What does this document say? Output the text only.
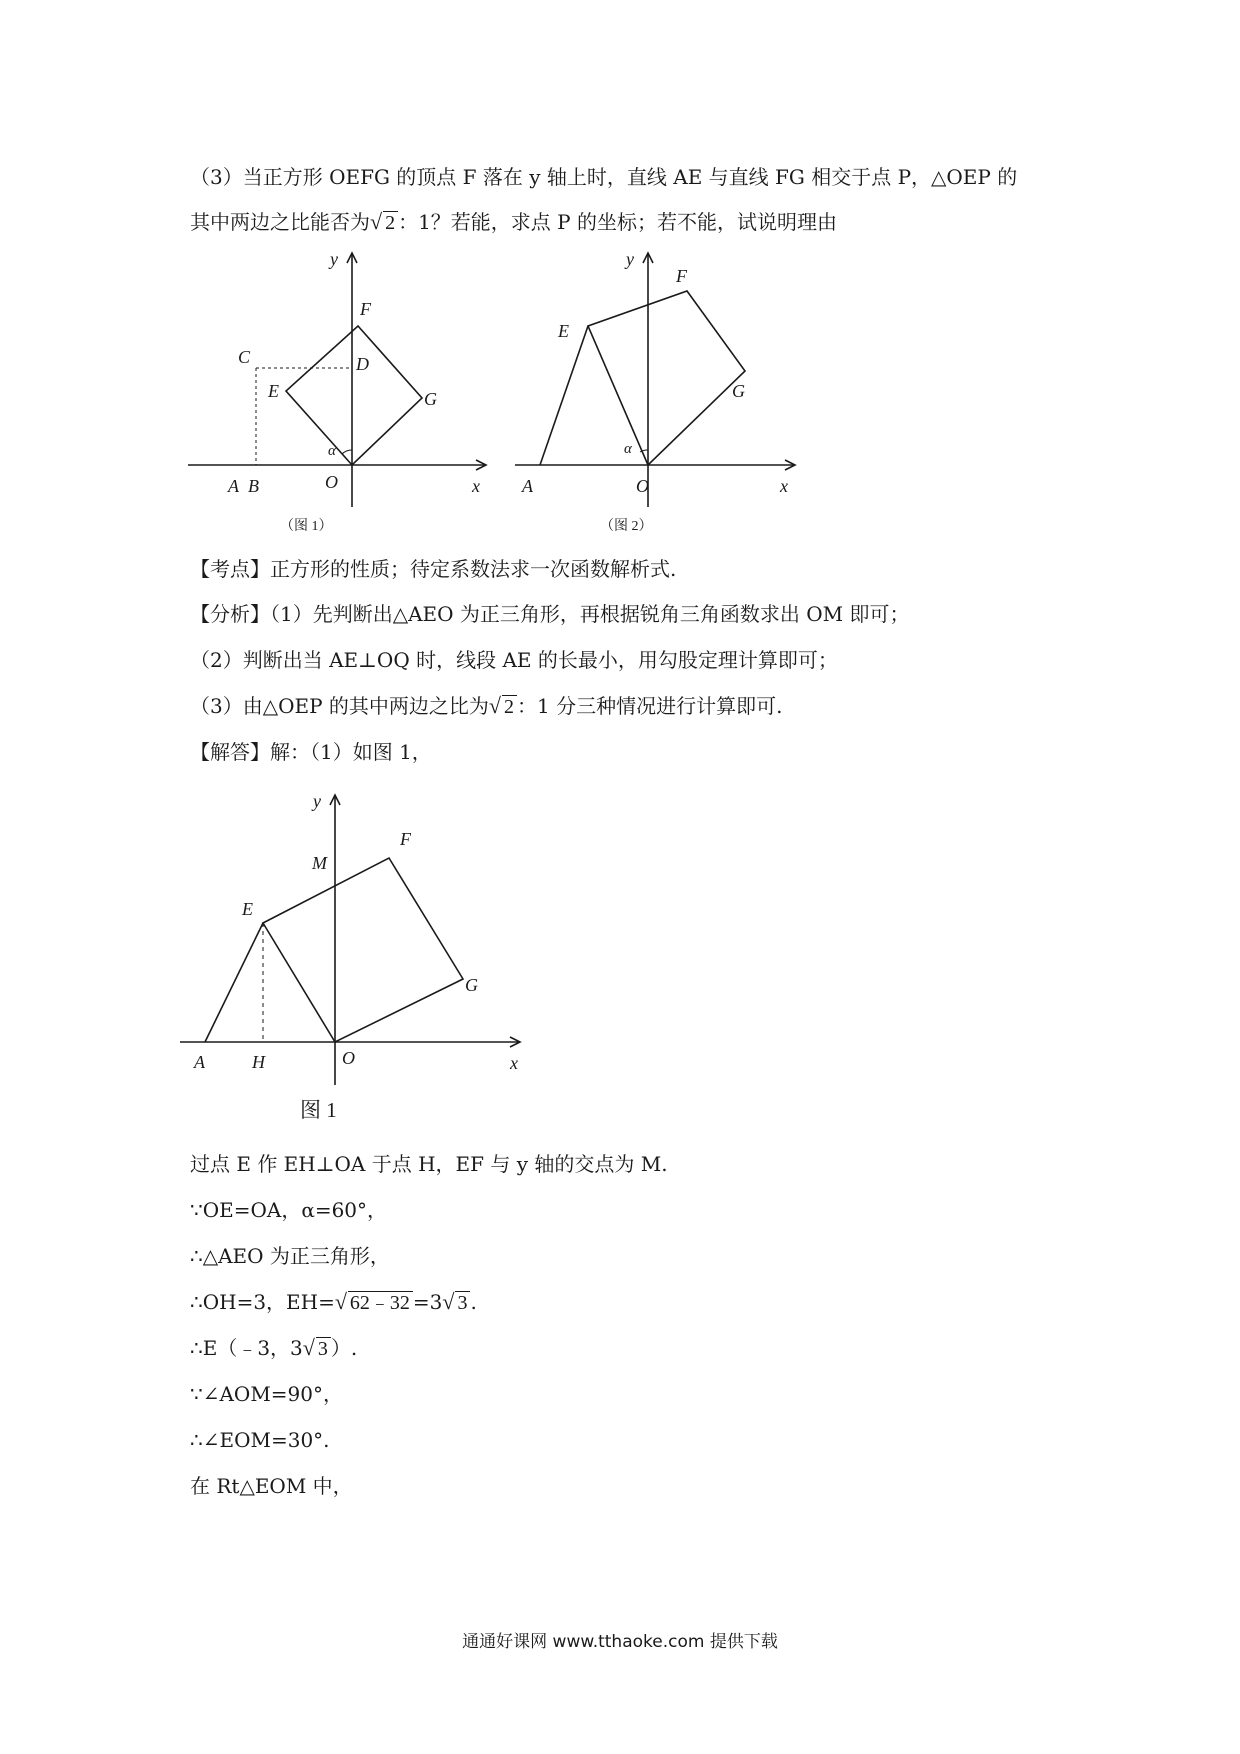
（3）当正方形 OEFG 的顶点 F 落在 y 轴上时，直线 AE 与直线 FG 相交于点 P，△OEP 的
其中两边之比能否为√ 2 ：1？若能，求点 P 的坐标；若不能，试说明理由
y
x
F
C	D
E	G
α
A B	O
（图 1）
y
x
F
E
G
α
A	O
（图 2）
【考点】正方形的性质；待定系数法求一次函数解析式.
【分析】（1）先判断出△AEO 为正三角形，再根据锐角三角函数求出 OM 即可；
（2）判断出当 AE⊥OQ 时，线段 AE 的长最小，用勾股定理计算即可；
（3）由△OEP 的其中两边之比为√ 2 ：1 分三种情况进行计算即可.
【解答】解：（1）如图 1，
y
x
M
F
E
G
A	H	O
图 1
过点 E 作 EH⊥OA 于点 H，EF 与 y 轴的交点为 M.
∵OE=OA，α=60°，
∴△AEO 为正三角形，
∴OH=3，EH=√ 62﹣32 =3√ 3 .
∴E（﹣3，3√ 3 ）.
∵∠AOM=90°，
∴∠EOM=30°.
在 Rt△EOM 中，
通通好课网 www.tthaoke.com 提供下载
